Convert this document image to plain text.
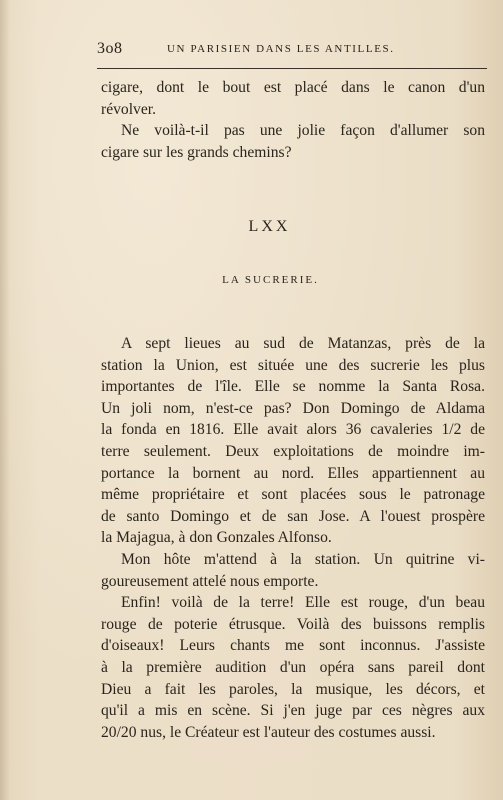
3o8	UN PARISIEN DANS LES ANTILLES.

cigare, dont le bout est placé dans le canon d'un

révolver.

Ne voilà-t-il pas une jolie façon d'allumer son

cigare sur les grands chemins?

LXX
LA SUCRERIE.

A sept lieues au sud de Matanzas, près de la

station la Union, est située une des sucrerie les plus

importantes de l'île. Elle se nomme la Santa Rosa.

Un joli nom, n'est-ce pas? Don Domingo de Aldama

la fonda en 1816. Elle avait alors 36 cavaleries 1/2 de

terre seulement. Deux exploitations de moindre im-

portance la bornent au nord. Elles appartiennent au

même propriétaire et sont placées sous le patronage

de santo Domingo et de san Jose. A l'ouest prospère

la Majagua, à don Gonzales Alfonso.

Mon hôte m'attend à la station. Un quitrine vi-

goureusement attelé nous emporte.

Enfin! voilà de la terre! Elle est rouge, d'un beau

rouge de poterie étrusque. Voilà des buissons remplis

d'oiseaux! Leurs chants me sont inconnus. J'assiste

à la première audition d'un opéra sans pareil dont

Dieu a fait les paroles, la musique, les décors, et

qu'il a mis en scène. Si j'en juge par ces nègres aux

20/20 nus, le Créateur est l'auteur des costumes aussi.
